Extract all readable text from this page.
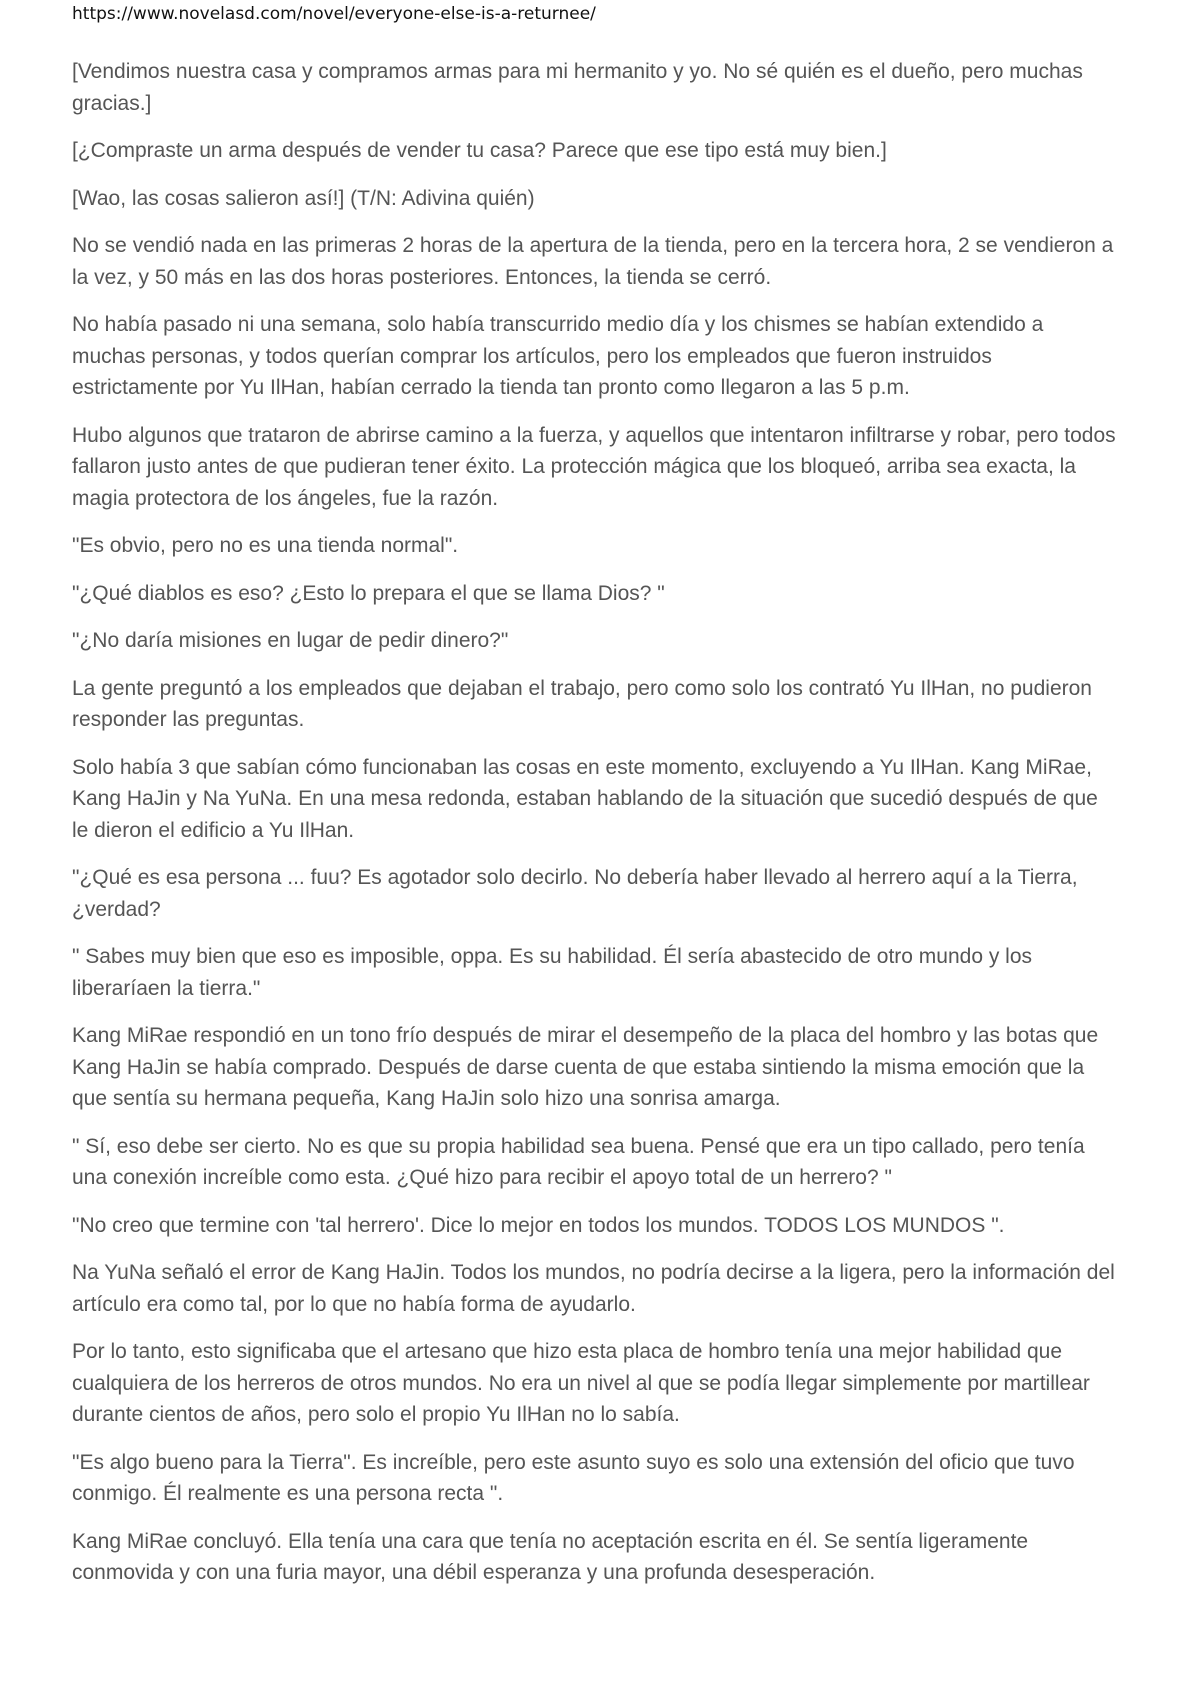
https://www.novelasd.com/novel/everyone-else-is-a-returnee/

[Vendimos nuestra casa y compramos armas para mi hermanito y yo. No sé quién es el dueño, pero muchas gracias.]

[¿Compraste un arma después de vender tu casa? Parece que ese tipo está muy bien.]

[Wao, las cosas salieron así!] (T/N: Adivina quién)

No se vendió nada en las primeras 2 horas de la apertura de la tienda, pero en la tercera hora, 2 se vendieron a la vez, y 50 más en las dos horas posteriores. Entonces, la tienda se cerró.

No había pasado ni una semana, solo había transcurrido medio día y los chismes se habían extendido a muchas personas, y todos querían comprar los artículos, pero los empleados que fueron instruidos estrictamente por Yu IlHan, habían cerrado la tienda tan pronto como llegaron a las 5 p.m.

Hubo algunos que trataron de abrirse camino a la fuerza, y aquellos que intentaron infiltrarse y robar, pero todos fallaron justo antes de que pudieran tener éxito. La protección mágica que los bloqueó, arriba sea exacta, la magia protectora de los ángeles, fue la razón.

"Es obvio, pero no es una tienda normal".

"¿Qué diablos es eso? ¿Esto lo prepara el que se llama Dios? "

"¿No daría misiones en lugar de pedir dinero?"

La gente preguntó a los empleados que dejaban el trabajo, pero como solo los contrató Yu IlHan, no pudieron responder las preguntas.

Solo había 3 que sabían cómo funcionaban las cosas en este momento, excluyendo a Yu IlHan. Kang MiRae, Kang HaJin y Na YuNa. En una mesa redonda, estaban hablando de la situación que sucedió después de que le dieron el edificio a Yu IlHan.

"¿Qué es esa persona ... fuu? Es agotador solo decirlo. No debería haber llevado al herrero aquí a la Tierra, ¿verdad?

" Sabes muy bien que eso es imposible, oppa. Es su habilidad. Él sería abastecido de otro mundo y los liberaríaen la tierra."

Kang MiRae respondió en un tono frío después de mirar el desempeño de la placa del hombro y las botas que Kang HaJin se había comprado. Después de darse cuenta de que estaba sintiendo la misma emoción que la que sentía su hermana pequeña, Kang HaJin solo hizo una sonrisa amarga.

" Sí, eso debe ser cierto. No es que su propia habilidad sea buena. Pensé que era un tipo callado, pero tenía una conexión increíble como esta. ¿Qué hizo para recibir el apoyo total de un herrero? "

"No creo que termine con 'tal herrero'. Dice lo mejor en todos los mundos. TODOS LOS MUNDOS ".

Na YuNa señaló el error de Kang HaJin. Todos los mundos, no podría decirse a la ligera, pero la información del artículo era como tal, por lo que no había forma de ayudarlo.

Por lo tanto, esto significaba que el artesano que hizo esta placa de hombro tenía una mejor habilidad que cualquiera de los herreros de otros mundos. No era un nivel al que se podía llegar simplemente por martillear durante cientos de años, pero solo el propio Yu IlHan no lo sabía.

"Es algo bueno para la Tierra". Es increíble, pero este asunto suyo es solo una extensión del oficio que tuvo conmigo. Él realmente es una persona recta ".

Kang MiRae concluyó. Ella tenía una cara que tenía no aceptación escrita en él. Se sentía ligeramente conmovida y con una furia mayor, una débil esperanza y una profunda desesperación.
